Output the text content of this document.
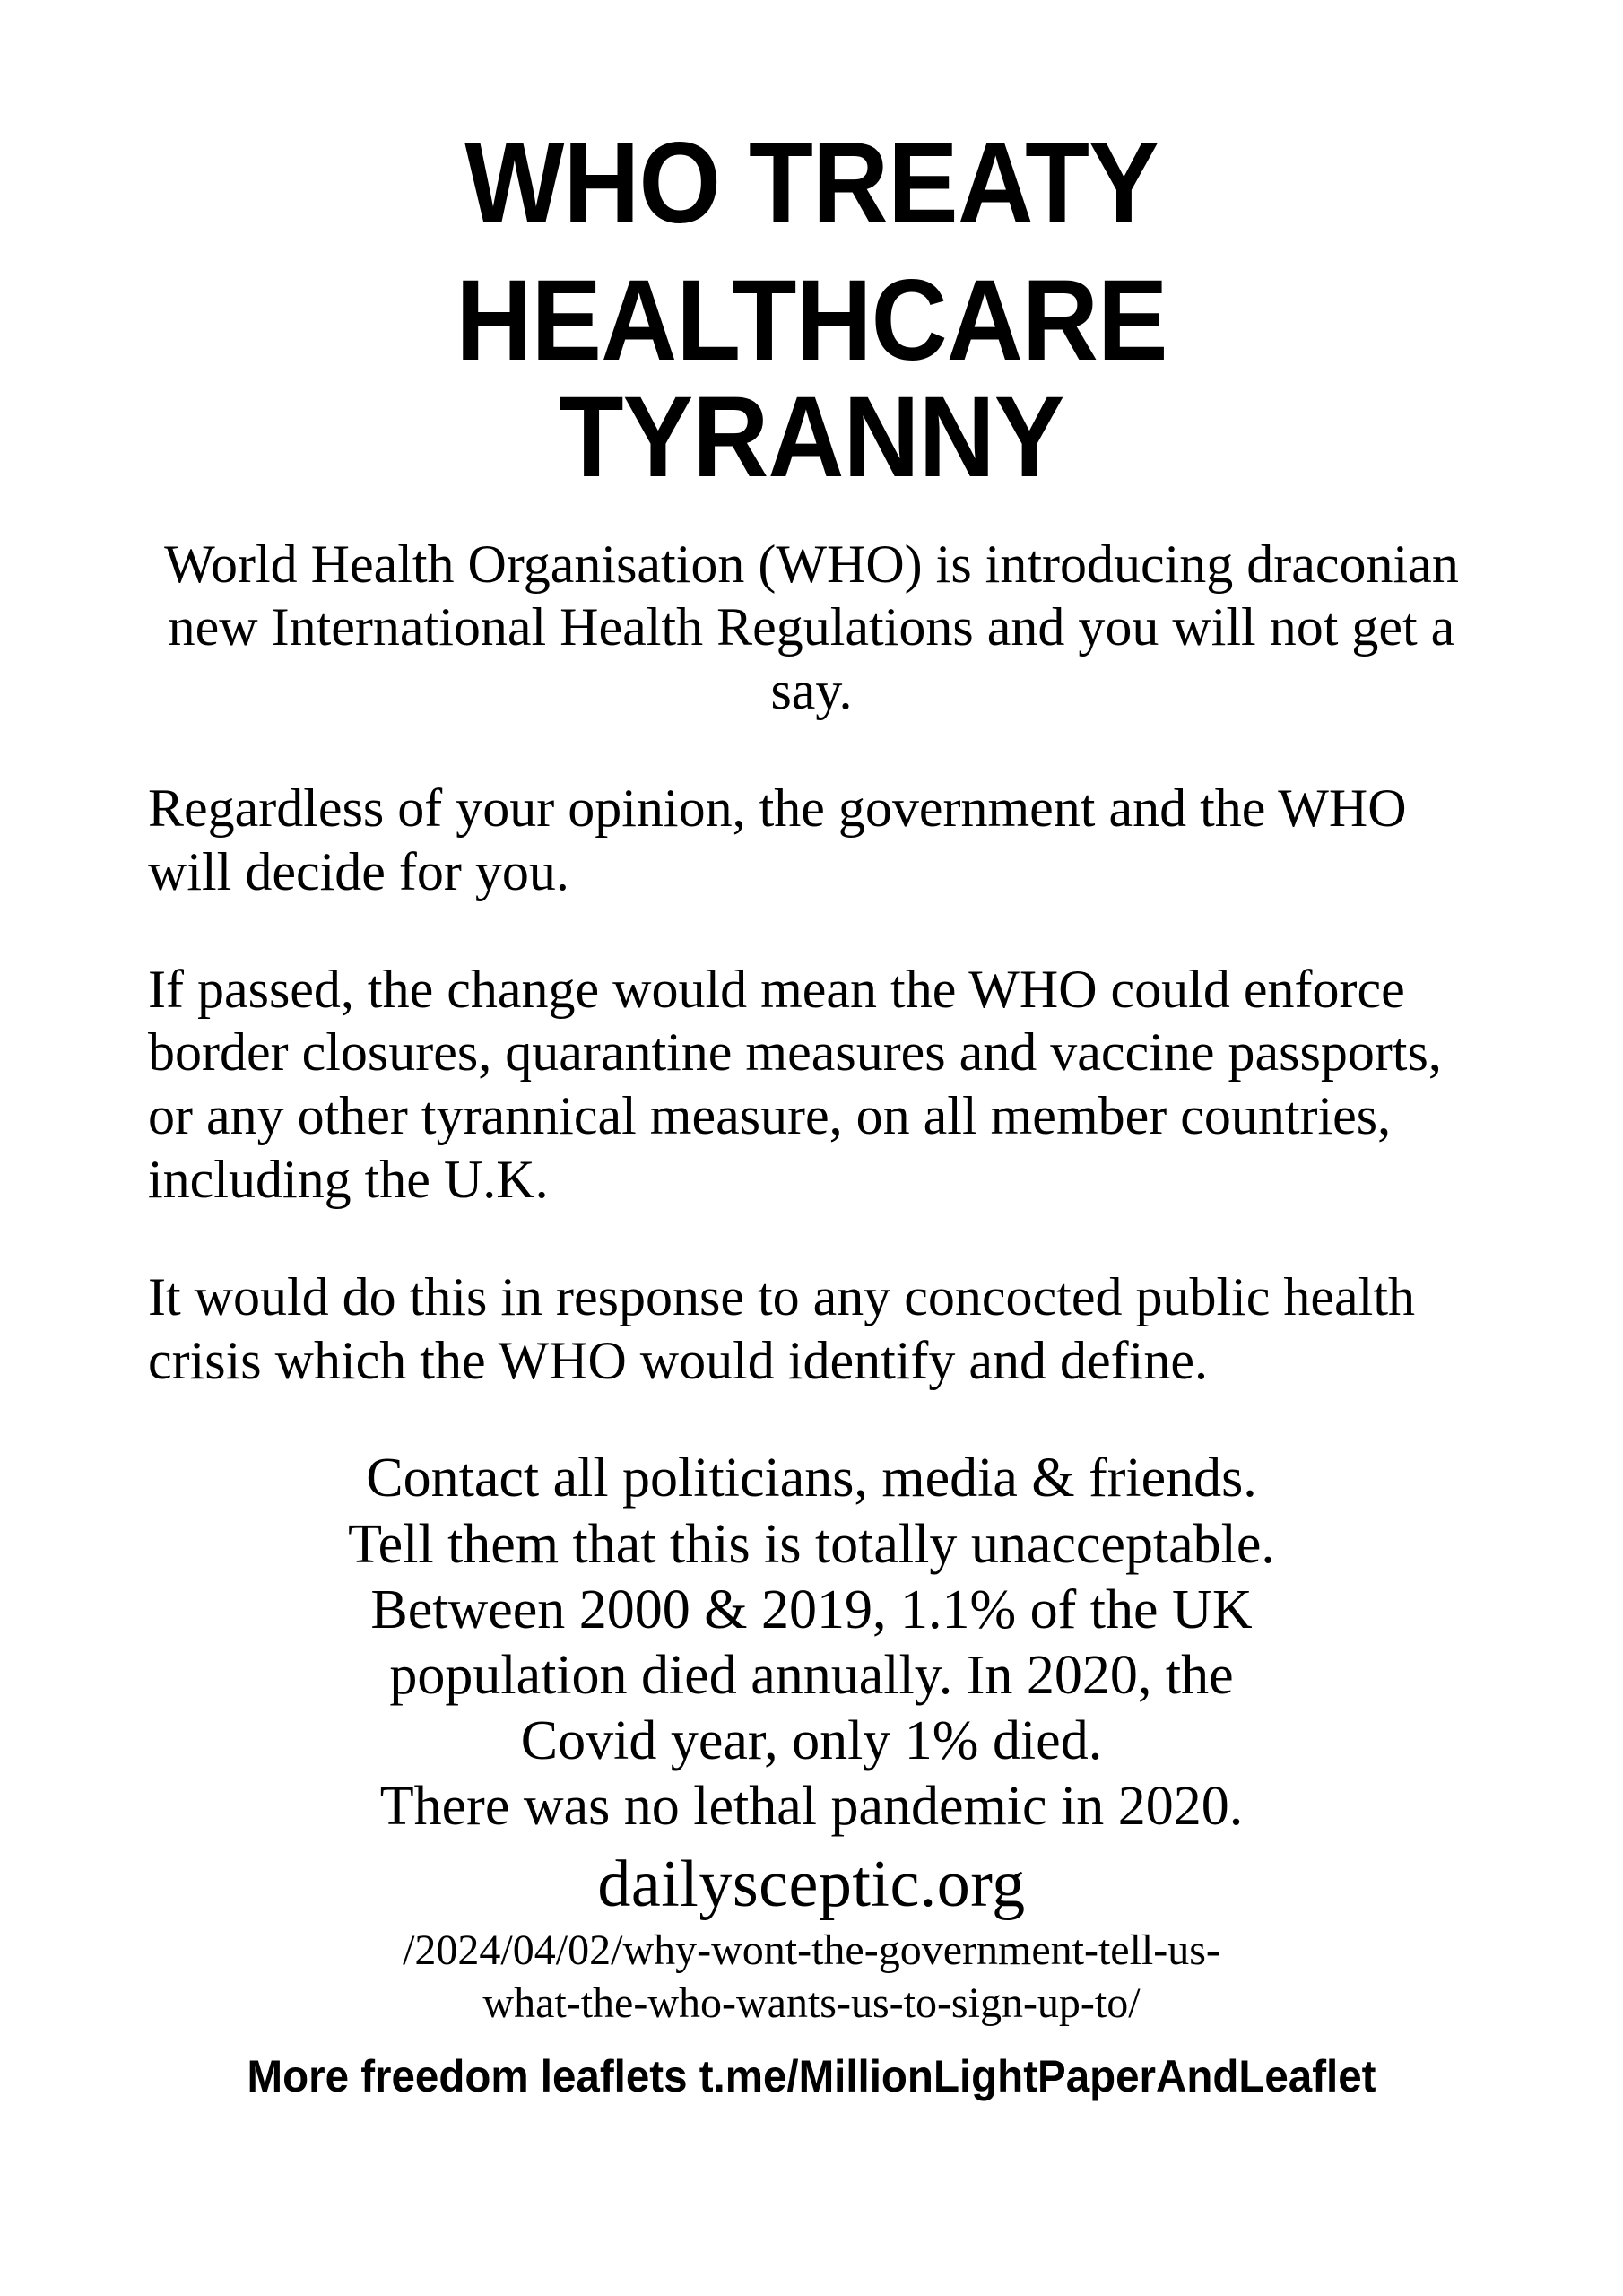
WHO TREATY
HEALTHCARE TYRANNY

World Health Organisation (WHO) is introducing draconian new International Health Regulations and you will not get a say.

Regardless of your opinion, the government and the WHO will decide for you.

If passed, the change would mean the WHO could enforce border closures, quarantine measures and vaccine passports, or any other tyrannical measure, on all member countries, including the U.K.

It would do this in response to any concocted public health crisis which the WHO would identify and define.

Contact all politicians, media & friends.
Tell them that this is totally unacceptable.
Between 2000 & 2019, 1.1% of the UK
population died annually. In 2020, the
Covid year, only 1% died.
There was no lethal pandemic in 2020.
dailysceptic.org
/2024/04/02/why-wont-the-government-tell-us-
what-the-who-wants-us-to-sign-up-to/
More freedom leaflets t.me/MillionLightPaperAndLeaflet
